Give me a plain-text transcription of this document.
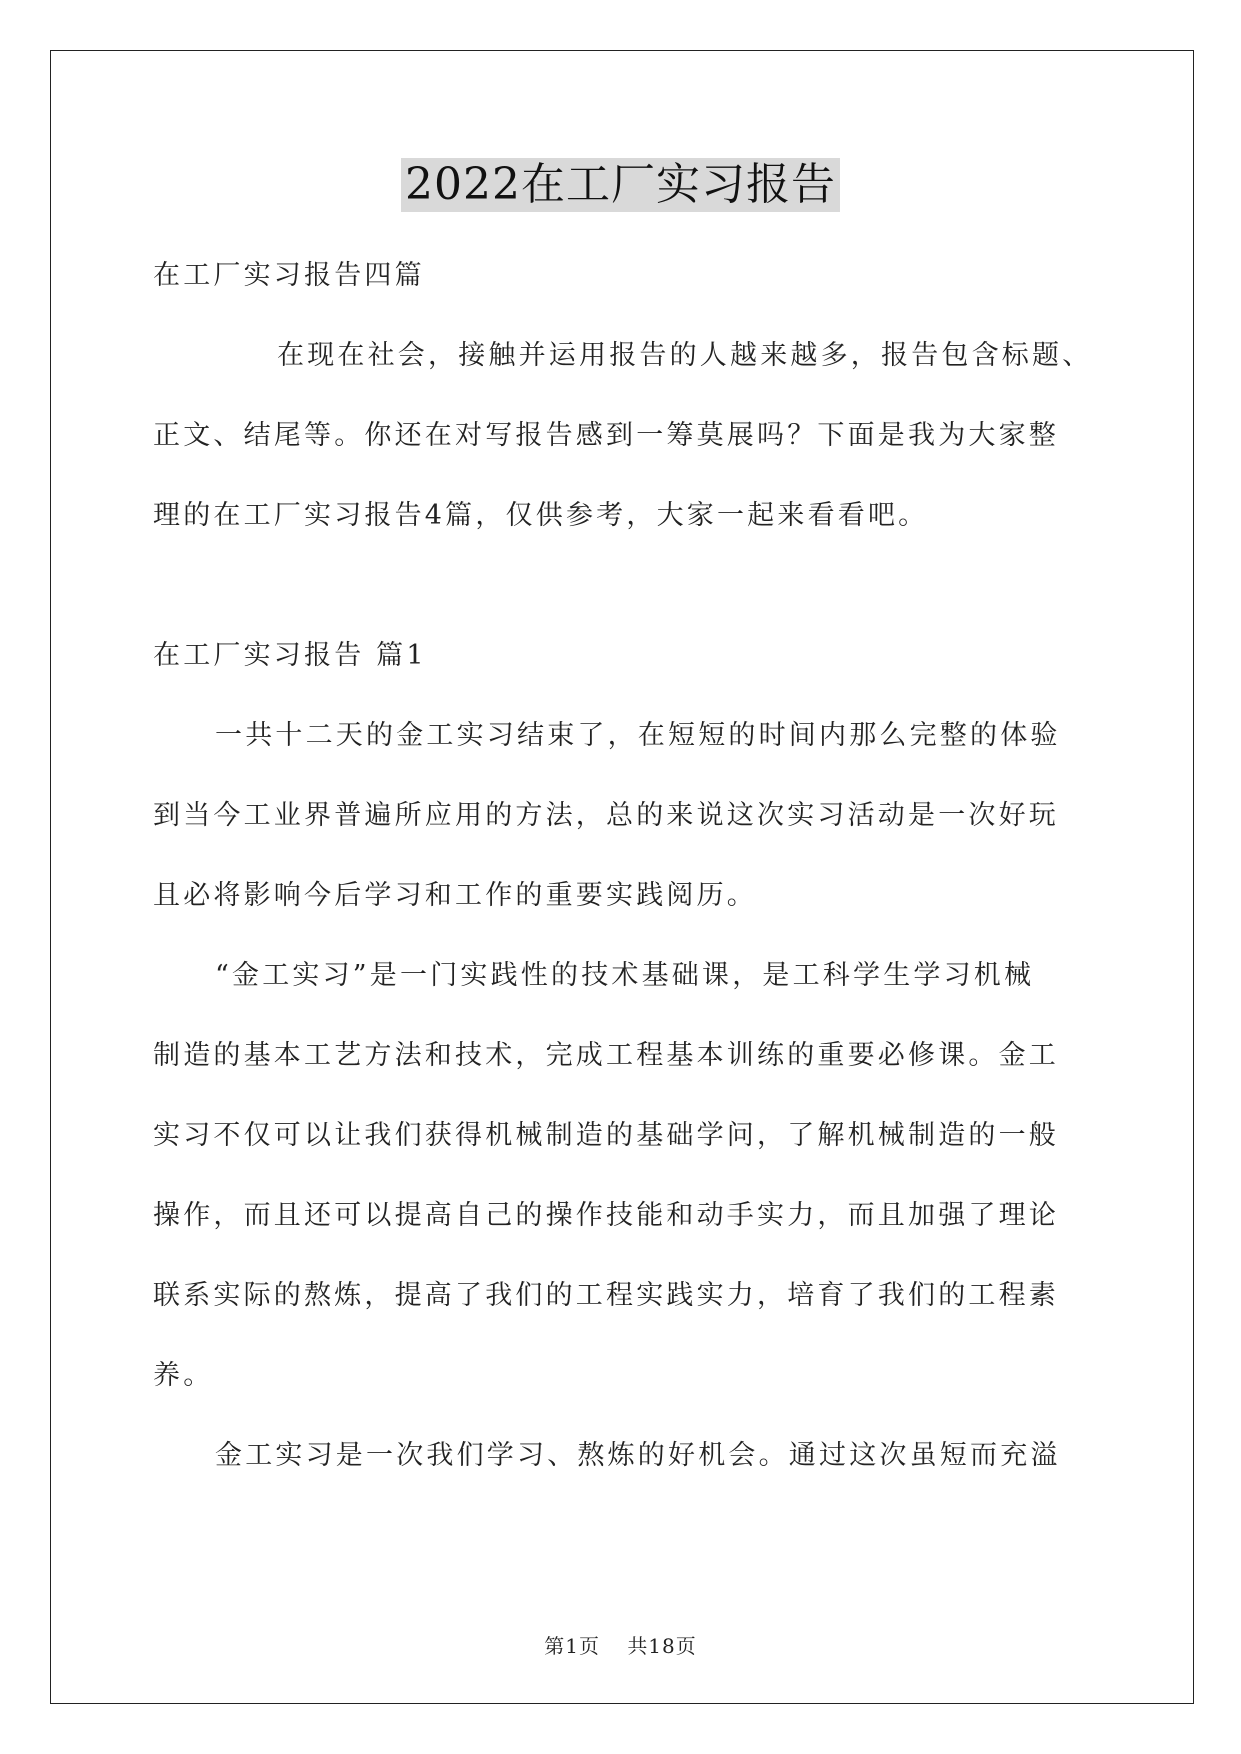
2022在工厂实习报告
在工厂实习报告四篇
在现在社会，接触并运用报告的人越来越多，报告包含标题、
正文、结尾等。你还在对写报告感到一筹莫展吗？下面是我为大家整
理的在工厂实习报告4篇，仅供参考，大家一起来看看吧。
在工厂实习报告 篇1
一共十二天的金工实习结束了，在短短的时间内那么完整的体验
到当今工业界普遍所应用的方法，总的来说这次实习活动是一次好玩
且必将影响今后学习和工作的重要实践阅历。
“金工实习”是一门实践性的技术基础课，是工科学生学习机械
制造的基本工艺方法和技术，完成工程基本训练的重要必修课。金工
实习不仅可以让我们获得机械制造的基础学问，了解机械制造的一般
操作，而且还可以提高自己的操作技能和动手实力，而且加强了理论
联系实际的熬炼，提高了我们的工程实践实力，培育了我们的工程素
养。
金工实习是一次我们学习、熬炼的好机会。通过这次虽短而充溢
第1页 共18页
